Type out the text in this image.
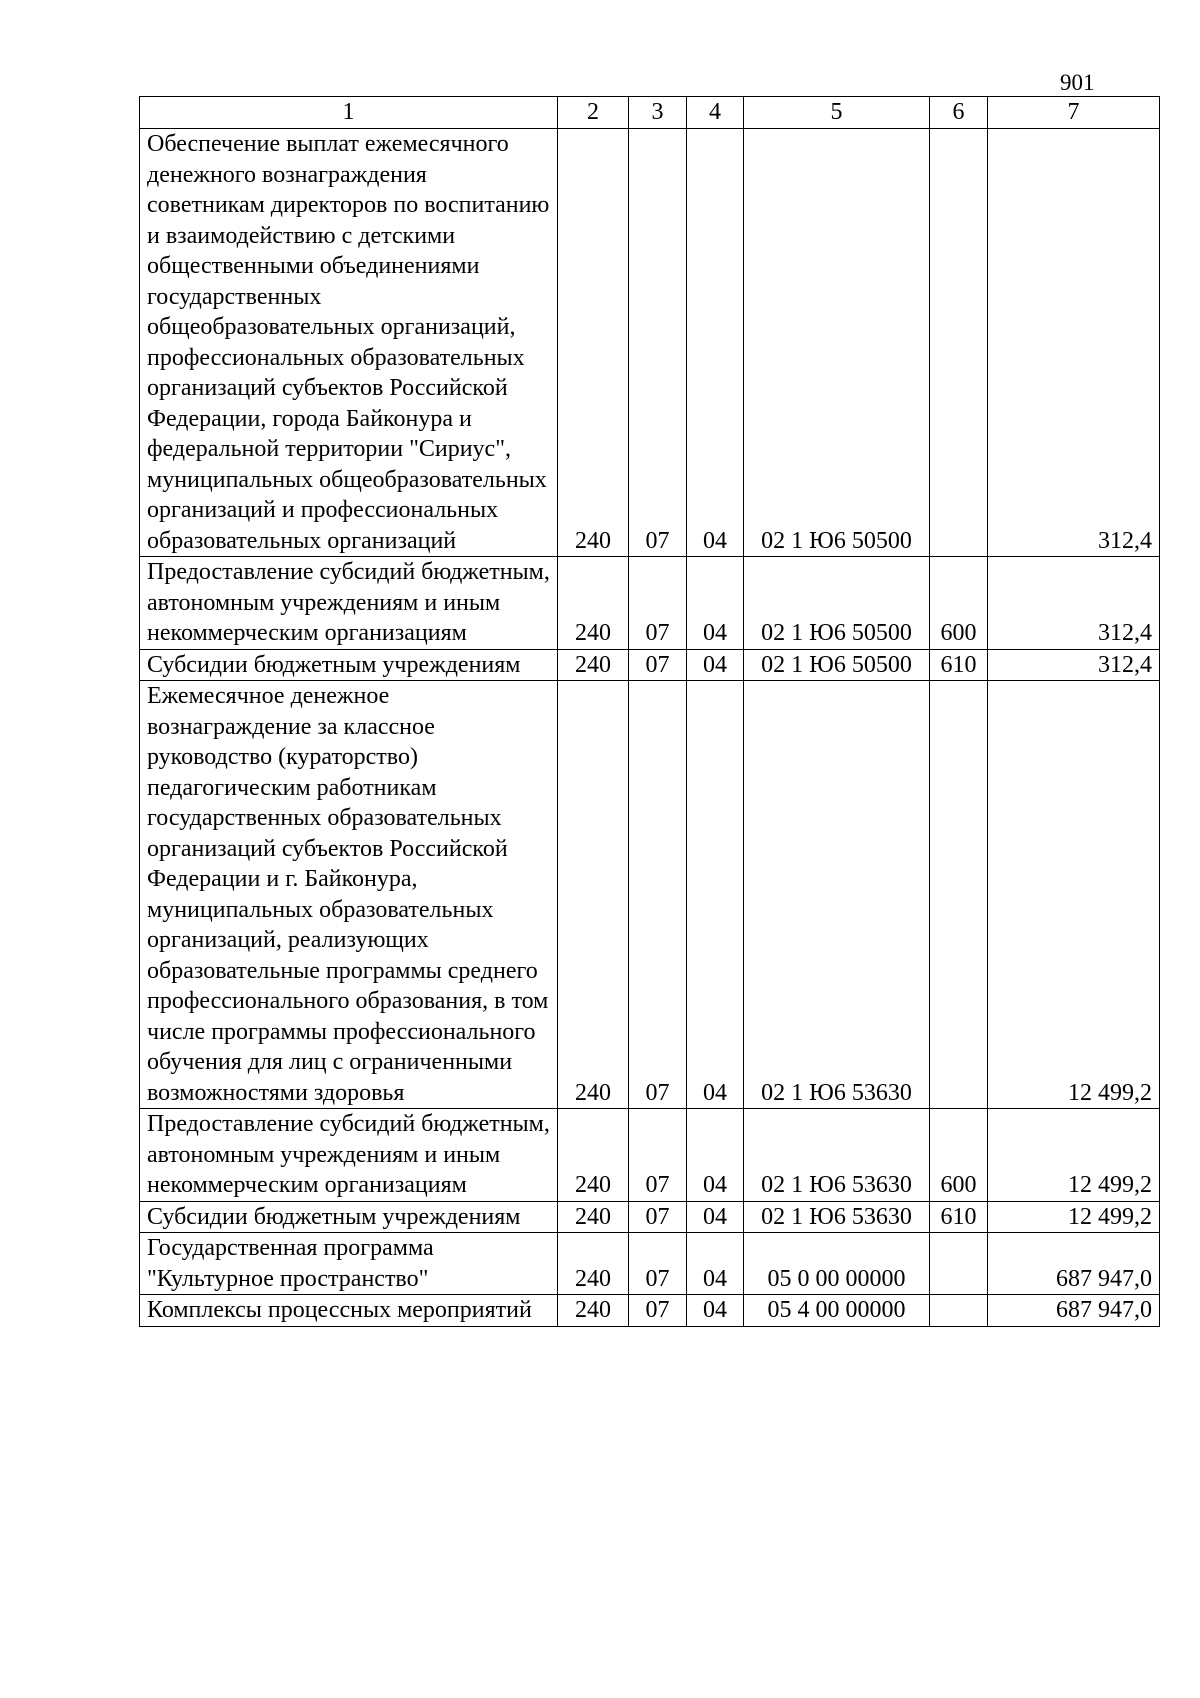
901
1	2	3	4	5	6	7
Обеспечение выплат ежемесячного денежного вознаграждения советникам директоров по воспитанию и взаимодействию с детскими общественными объединениями государственных общеобразовательных организаций, профессиональных образовательных организаций субъектов Российской Федерации, города Байконура и федеральной территории "Сириус", муниципальных общеобразовательных организаций и профессиональных образовательных организаций	240	07	04	02 1 Ю6 50500		312,4
Предоставление субсидий бюджетным, автономным учреждениям и иным некоммерческим организациям	240	07	04	02 1 Ю6 50500	600	312,4
Субсидии бюджетным учреждениям	240	07	04	02 1 Ю6 50500	610	312,4
Ежемесячное денежное вознаграждение за классное руководство (кураторство) педагогическим работникам государственных образовательных организаций субъектов Российской Федерации и г. Байконура, муниципальных образовательных организаций, реализующих образовательные программы среднего профессионального образования, в том числе программы профессионального обучения для лиц с ограниченными возможностями здоровья	240	07	04	02 1 Ю6 53630		12 499,2
Предоставление субсидий бюджетным, автономным учреждениям и иным некоммерческим организациям	240	07	04	02 1 Ю6 53630	600	12 499,2
Субсидии бюджетным учреждениям	240	07	04	02 1 Ю6 53630	610	12 499,2
Государственная программа "Культурное пространство"	240	07	04	05 0 00 00000		687 947,0
Комплексы процессных мероприятий	240	07	04	05 4 00 00000		687 947,0
